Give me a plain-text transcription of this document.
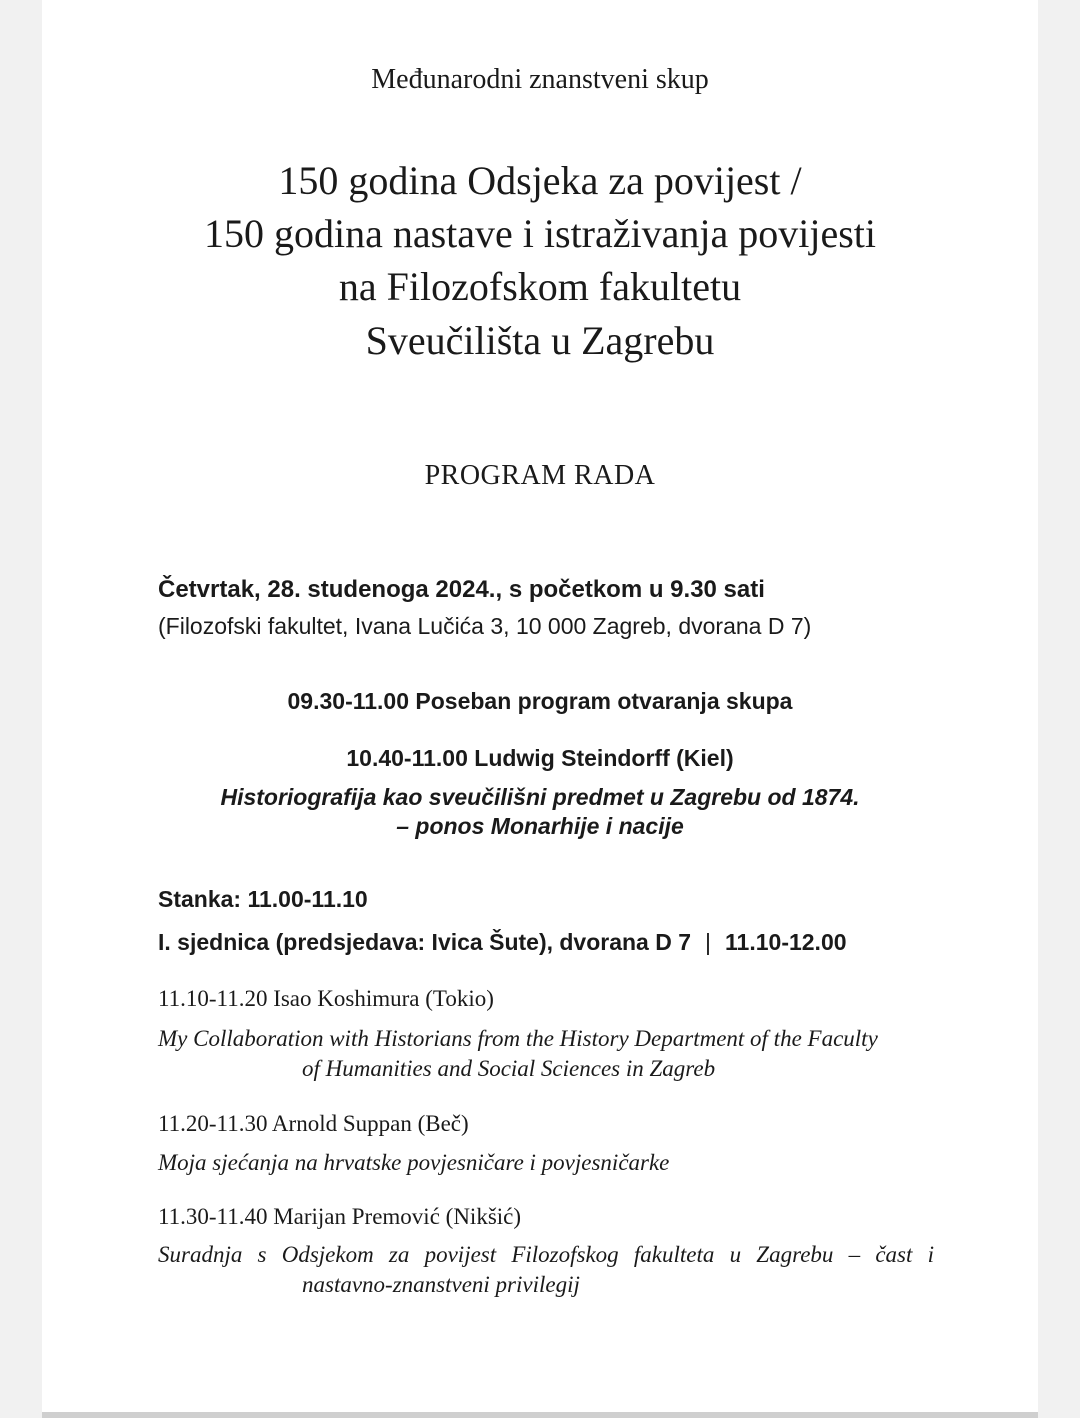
Međunarodni znanstveni skup
150 godina Odsjeka za povijest /
150 godina nastave i istraživanja povijesti
na Filozofskom fakultetu
Sveučilišta u Zagrebu
PROGRAM RADA
Četvrtak, 28. studenoga 2024., s početkom u 9.30 sati
(Filozofski fakultet, Ivana Lučića 3, 10 000 Zagreb, dvorana D 7)
09.30-11.00 Poseban program otvaranja skupa
10.40-11.00 Ludwig Steindorff (Kiel)
Historiografija kao sveučilišni predmet u Zagrebu od 1874.
– ponos Monarhije i nacije
Stanka: 11.00-11.10
I. sjednica (predsjedava: Ivica Šute), dvorana D 7 | 11.10-12.00
11.10-11.20 Isao Koshimura (Tokio)
My Collaboration with Historians from the History Department of the Faculty
of Humanities and Social Sciences in Zagreb
11.20-11.30 Arnold Suppan (Beč)
Moja sjećanja na hrvatske povjesničare i povjesničarke
11.30-11.40 Marijan Premović (Nikšić)
Suradnja s Odsjekom za povijest Filozofskog fakulteta u Zagrebu – čast i
nastavno-znanstveni privilegij
